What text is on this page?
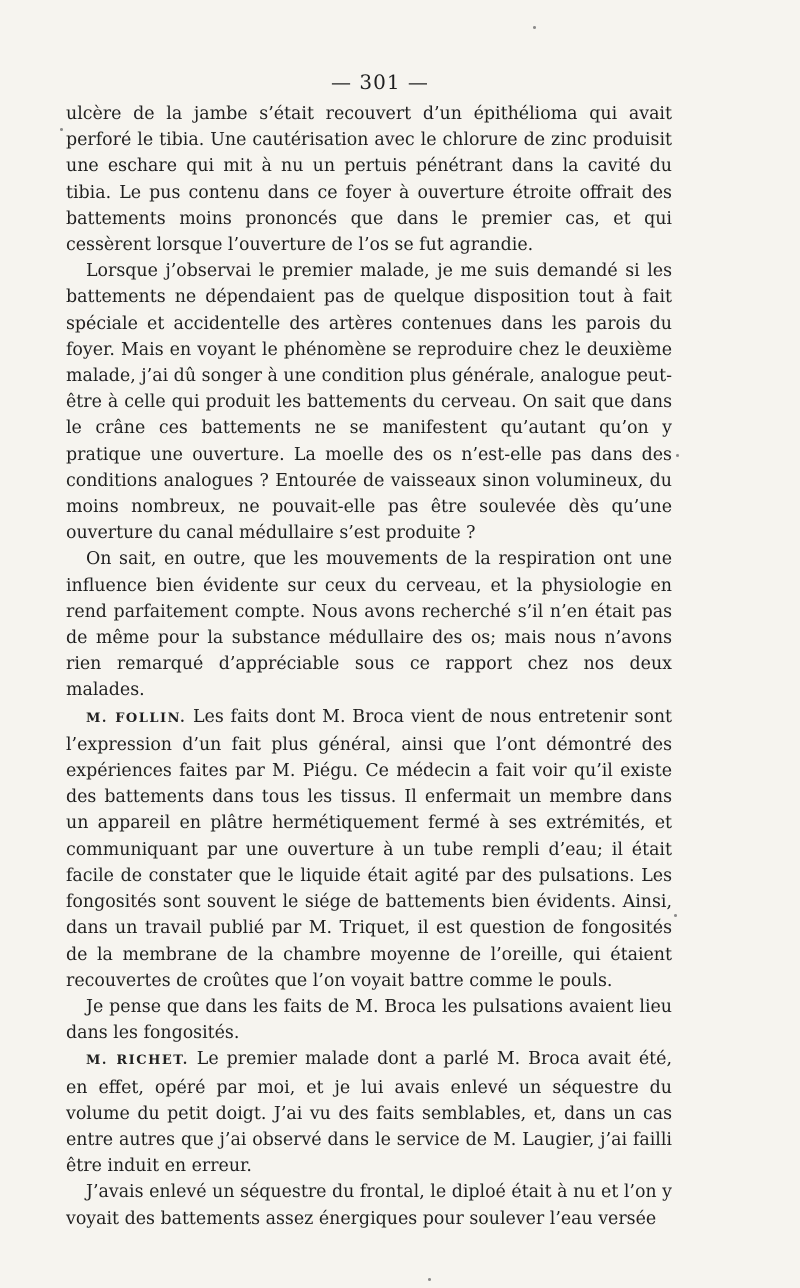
— 301 —

ulcère de la jambe s’était recouvert d’un épithélioma qui avait perforé le tibia. Une cautérisation avec le chlorure de zinc produisit une eschare qui mit à nu un pertuis pénétrant dans la cavité du tibia. Le pus contenu dans ce foyer à ouverture étroite offrait des battements moins prononcés que dans le premier cas, et qui cessèrent lorsque l’ouverture de l’os se fut agrandie.

Lorsque j’observai le premier malade, je me suis demandé si les battements ne dépendaient pas de quelque disposition tout à fait spéciale et accidentelle des artères contenues dans les parois du foyer. Mais en voyant le phénomène se reproduire chez le deuxième malade, j’ai dû songer à une condition plus générale, analogue peut-être à celle qui produit les battements du cerveau. On sait que dans le crâne ces battements ne se manifestent qu’autant qu’on y pratique une ouverture. La moelle des os n’est-elle pas dans des conditions analogues ? Entourée de vaisseaux sinon volumineux, du moins nombreux, ne pouvait-elle pas être soulevée dès qu’une ouverture du canal médullaire s’est produite ?

On sait, en outre, que les mouvements de la respiration ont une influence bien évidente sur ceux du cerveau, et la physiologie en rend parfaitement compte. Nous avons recherché s’il n’en était pas de même pour la substance médullaire des os; mais nous n’avons rien remarqué d’appréciable sous ce rapport chez nos deux malades.

M. FOLLIN. Les faits dont M. Broca vient de nous entretenir sont l’expression d’un fait plus général, ainsi que l’ont démontré des expériences faites par M. Piégu. Ce médecin a fait voir qu’il existe des battements dans tous les tissus. Il enfermait un membre dans un appareil en plâtre hermétiquement fermé à ses extrémités, et communiquant par une ouverture à un tube rempli d’eau; il était facile de constater que le liquide était agité par des pulsations. Les fongosités sont souvent le siége de battements bien évidents. Ainsi, dans un travail publié par M. Triquet, il est question de fongosités de la membrane de la chambre moyenne de l’oreille, qui étaient recouvertes de croûtes que l’on voyait battre comme le pouls.

Je pense que dans les faits de M. Broca les pulsations avaient lieu dans les fongosités.

M. RICHET. Le premier malade dont a parlé M. Broca avait été, en effet, opéré par moi, et je lui avais enlevé un séquestre du volume du petit doigt. J’ai vu des faits semblables, et, dans un cas entre autres que j’ai observé dans le service de M. Laugier, j’ai failli être induit en erreur.

J’avais enlevé un séquestre du frontal, le diploé était à nu et l’on y voyait des battements assez énergiques pour soulever l’eau versée
